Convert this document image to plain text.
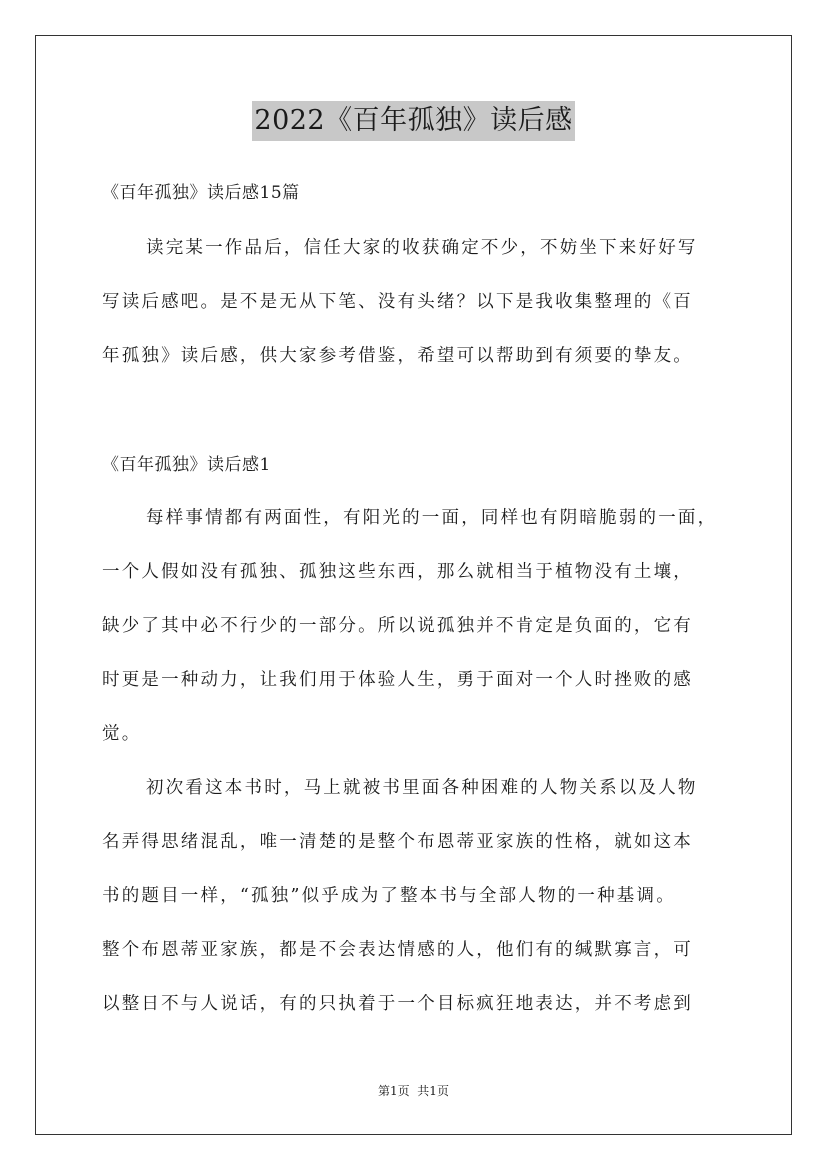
2022《百年孤独》读后感
《百年孤独》读后感15篇
读完某一作品后，信任大家的收获确定不少，不妨坐下来好好写
写读后感吧。是不是无从下笔、没有头绪？以下是我收集整理的《百
年孤独》读后感，供大家参考借鉴，希望可以帮助到有须要的挚友。
《百年孤独》读后感1
每样事情都有两面性，有阳光的一面，同样也有阴暗脆弱的一面，
一个人假如没有孤独、孤独这些东西，那么就相当于植物没有土壤，
缺少了其中必不行少的一部分。所以说孤独并不肯定是负面的，它有
时更是一种动力，让我们用于体验人生，勇于面对一个人时挫败的感
觉。
初次看这本书时，马上就被书里面各种困难的人物关系以及人物
名弄得思绪混乱，唯一清楚的是整个布恩蒂亚家族的性格，就如这本
书的题目一样，“孤独”似乎成为了整本书与全部人物的一种基调。
整个布恩蒂亚家族，都是不会表达情感的人，他们有的缄默寡言，可
以整日不与人说话，有的只执着于一个目标疯狂地表达，并不考虑到
第1页  共1页
